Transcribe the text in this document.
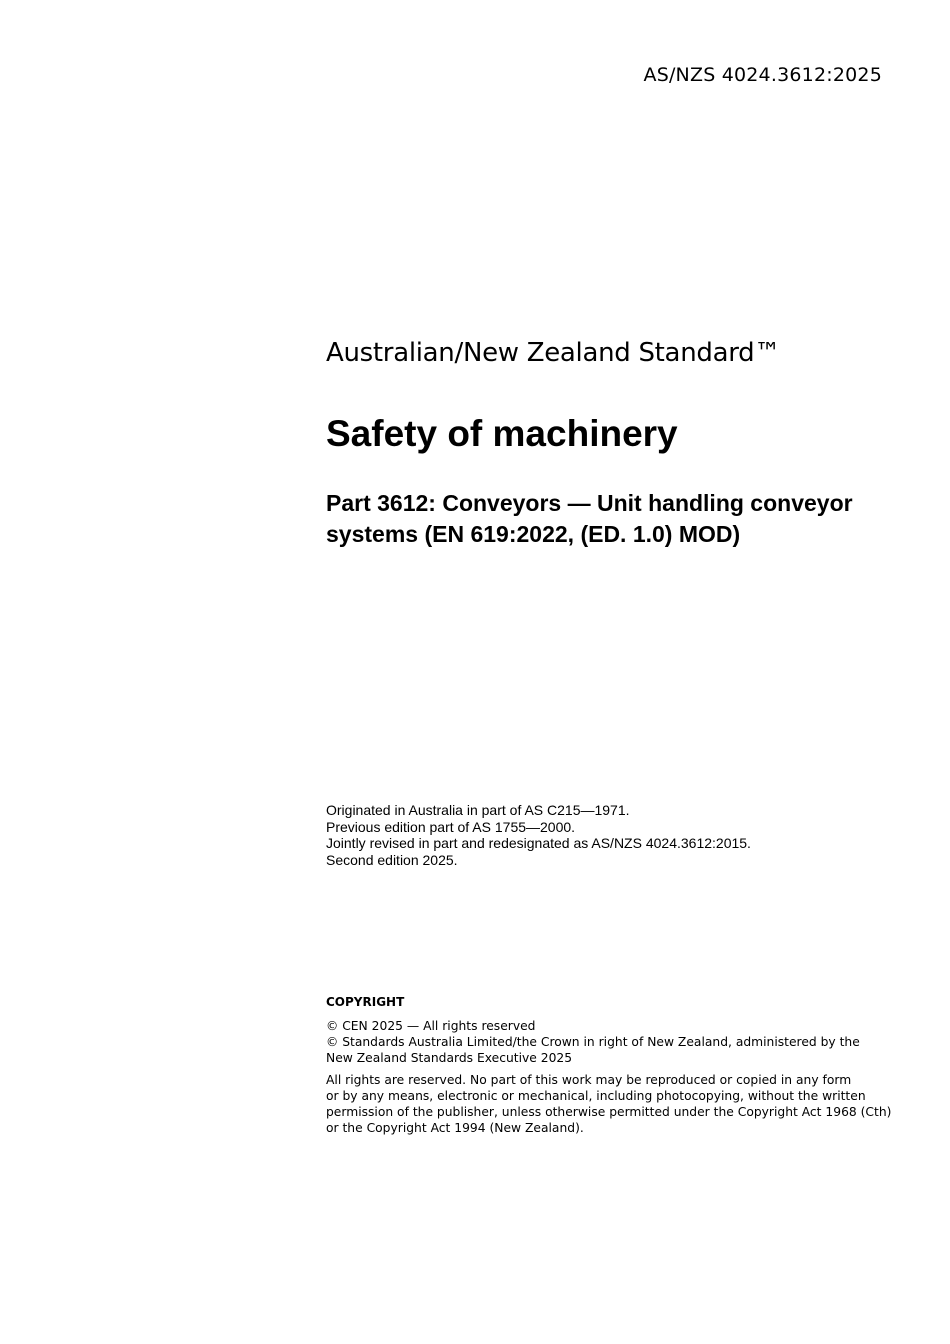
AS/NZS 4024.3612:2025
Australian/New Zealand Standard™
Safety of machinery
Part 3612: Conveyors — Unit handling conveyor
systems (EN 619:2022, (ED. 1.0) MOD)
Originated in Australia in part of AS C215—1971.
Previous edition part of AS 1755—2000.
Jointly revised in part and redesignated as AS/NZS 4024.3612:2015.
Second edition 2025.
COPYRIGHT
© CEN 2025 — All rights reserved
© Standards Australia Limited/the Crown in right of New Zealand, administered by the New Zealand Standards Executive 2025
All rights are reserved. No part of this work may be reproduced or copied in any form
or by any means, electronic or mechanical, including photocopying, without the written
permission of the publisher, unless otherwise permitted under the Copyright Act 1968 (Cth)
or the Copyright Act 1994 (New Zealand).
